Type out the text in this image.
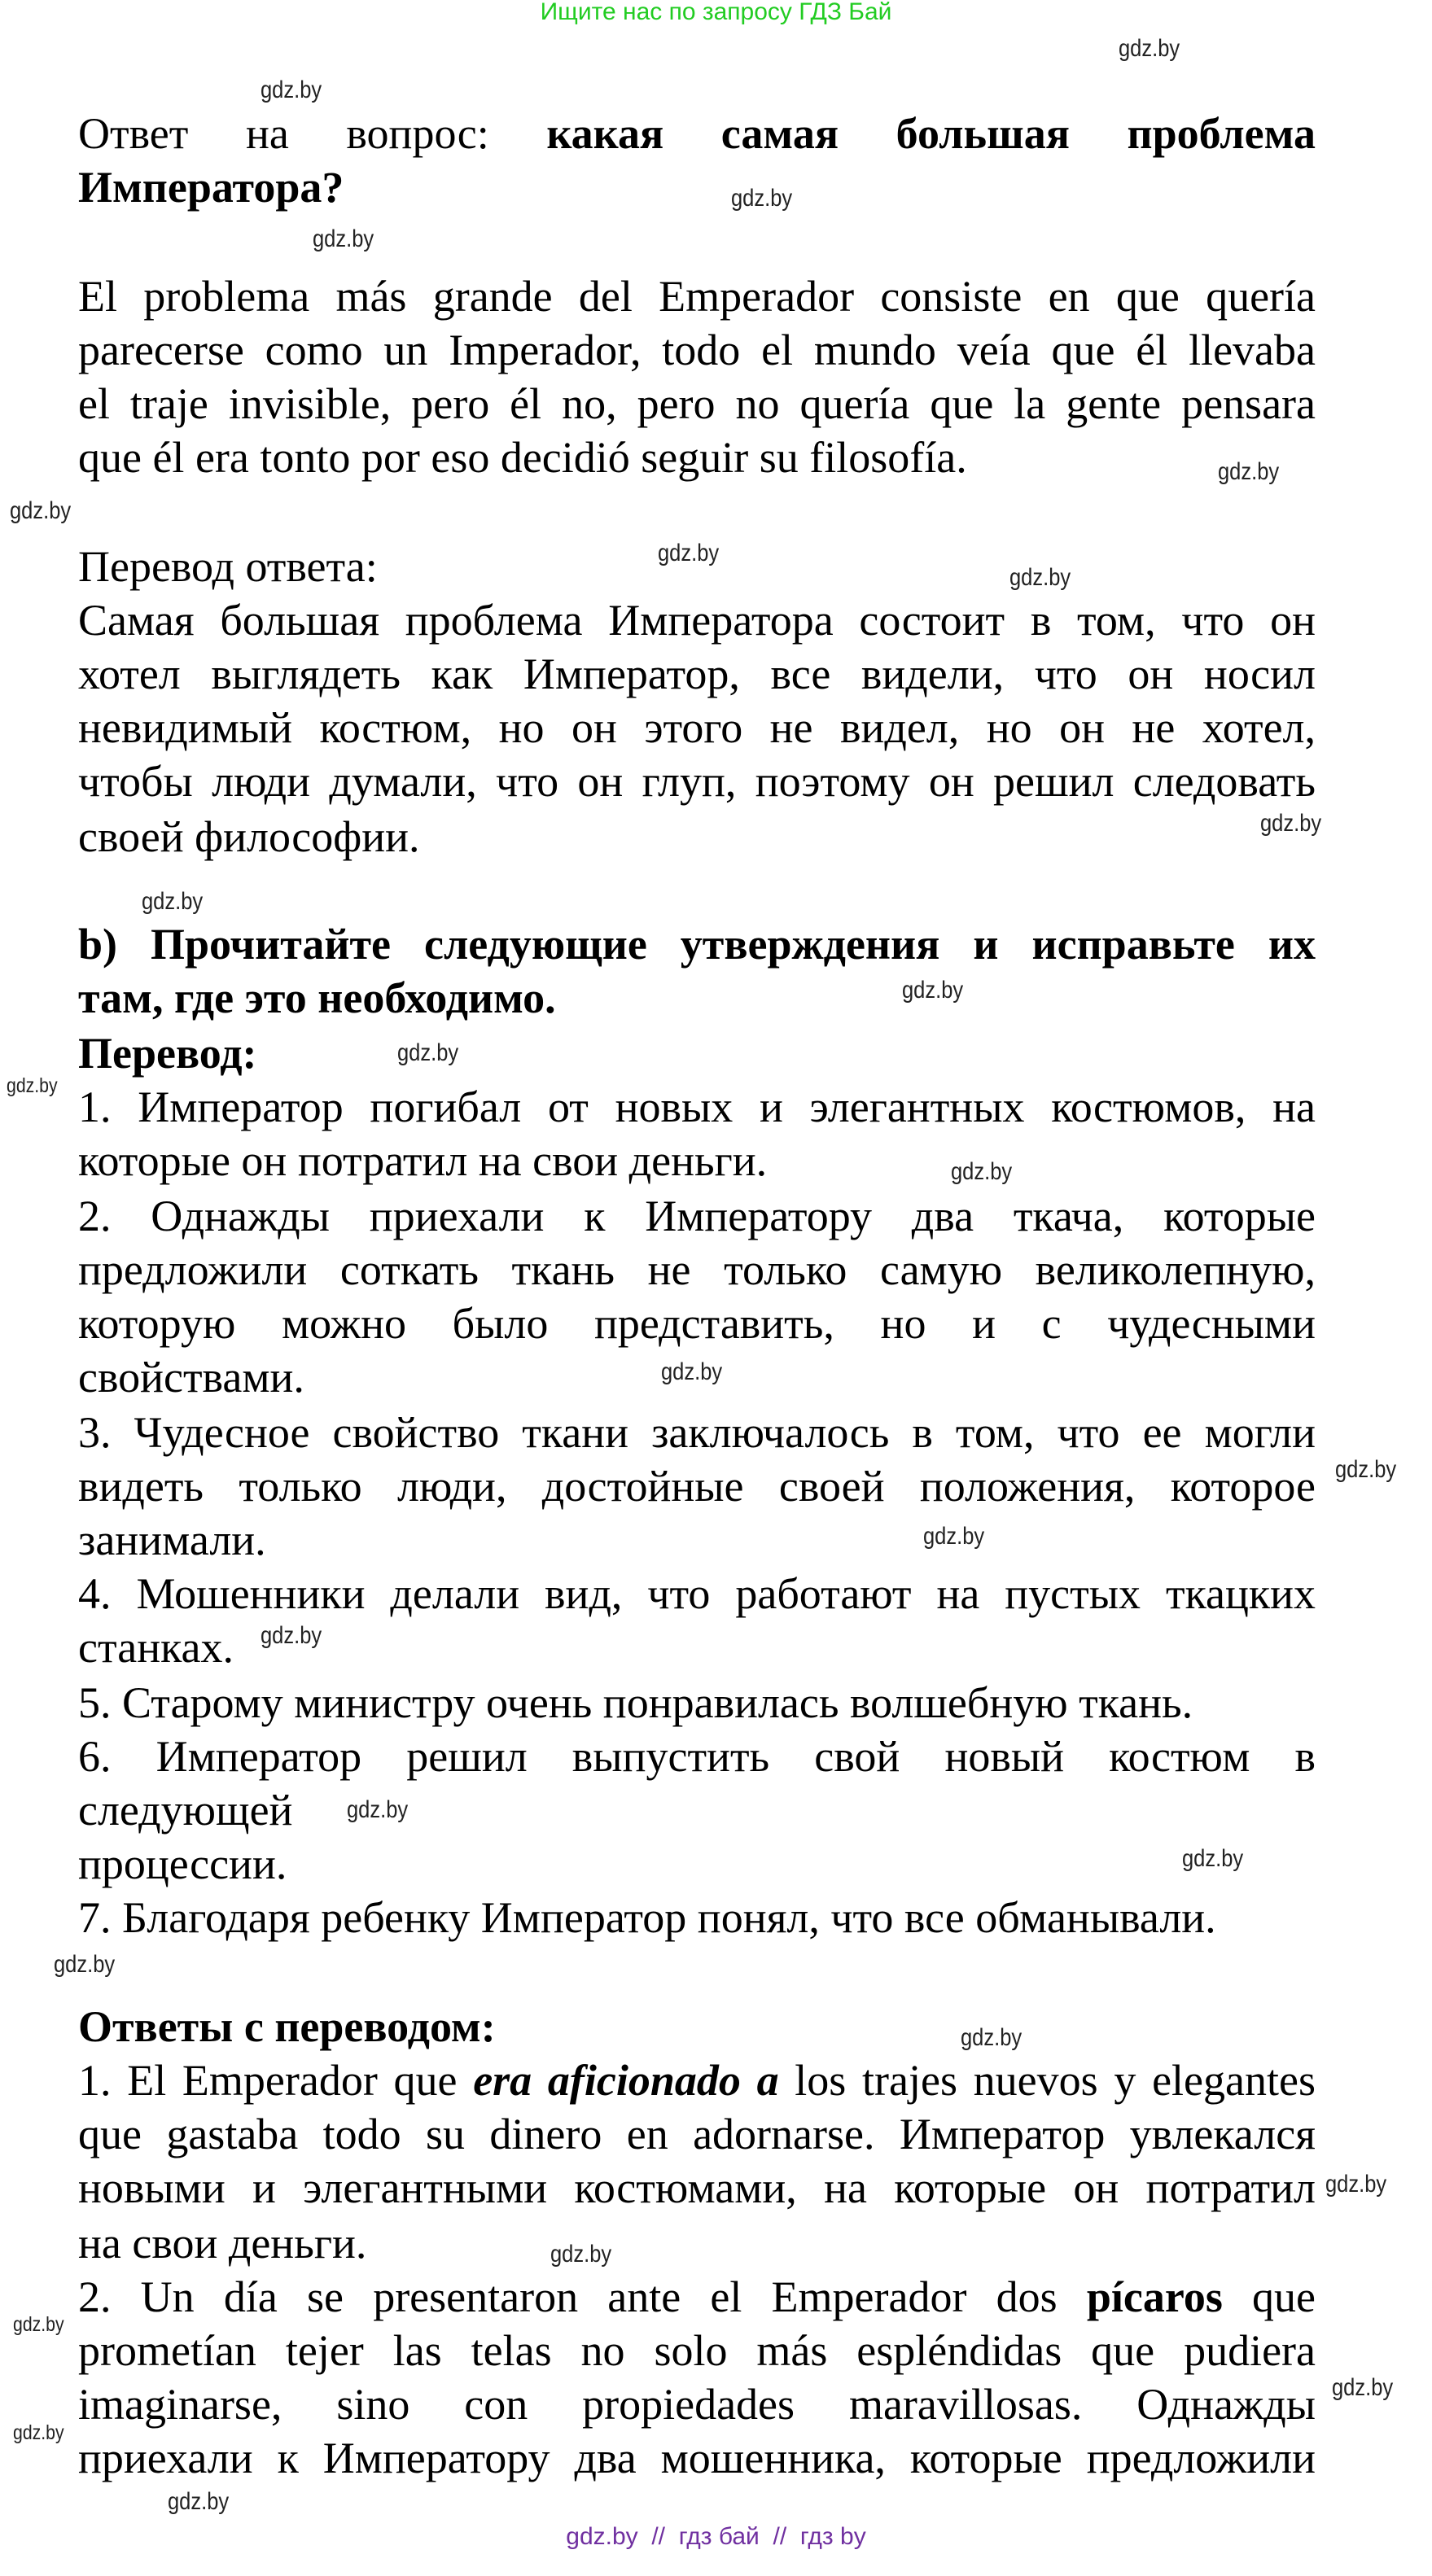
Ищите нас по запросу ГДЗ Бай
Ответ на вопрос: какая самая большая проблема
Императора?
El problema más grande del Emperador consiste en que quería
parecerse como un Imperador, todo el mundo veía que él llevaba
el traje invisible, pero él no, pero no quería que la gente pensara
que él era tonto por eso decidió seguir su filosofía.
Перевод ответа:
Самая большая проблема Императора состоит в том, что он
хотел выглядеть как Император, все видели, что он носил
невидимый костюм, но он этого не видел, но он не хотел,
чтобы люди думали, что он глуп, поэтому он решил следовать
своей философии.
b) Прочитайте следующие утверждения и исправьте их
там, где это необходимо.
Перевод:
1. Император погибал от новых и элегантных костюмов, на
которые он потратил на свои деньги.
2. Однажды приехали к Императору два ткача, которые
предложили соткать ткань не только самую великолепную,
которую можно было представить, но и с чудесными
свойствами.
3. Чудесное свойство ткани заключалось в том, что ее могли
видеть только люди, достойные своей положения, которое
занимали.
4. Мошенники делали вид, что работают на пустых ткацких
станках.
5. Старому министру очень понравилась волшебную ткань.
6. Император решил выпустить свой новый костюм в
следующей
процессии.
7. Благодаря ребенку Император понял, что все обманывали.
Ответы с переводом:
1. El Emperador que era aficionado a los trajes nuevos y elegantes
que gastaba todo su dinero en adornarse. Император увлекался
новыми и элегантными костюмами, на которые он потратил
на свои деньги.
2. Un día se presentaron ante el Emperador dos pícaros que
prometían tejer las telas no solo más espléndidas que pudiera
imaginarse, sino con propiedades maravillosas. Однажды
приехали к Императору два мошенника, которые предложили
gdz.by
gdz.by
gdz.by
gdz.by
gdz.by
gdz.by
gdz.by
gdz.by
gdz.by
gdz.by
gdz.by
gdz.by
gdz.by
gdz.by
gdz.by
gdz.by
gdz.by
gdz.by
gdz.by
gdz.by
gdz.by
gdz.by
gdz.by
gdz.by
gdz.by
gdz.by
gdz.by
gdz.by
gdz.by  //  гдз бай  //  гдз by
